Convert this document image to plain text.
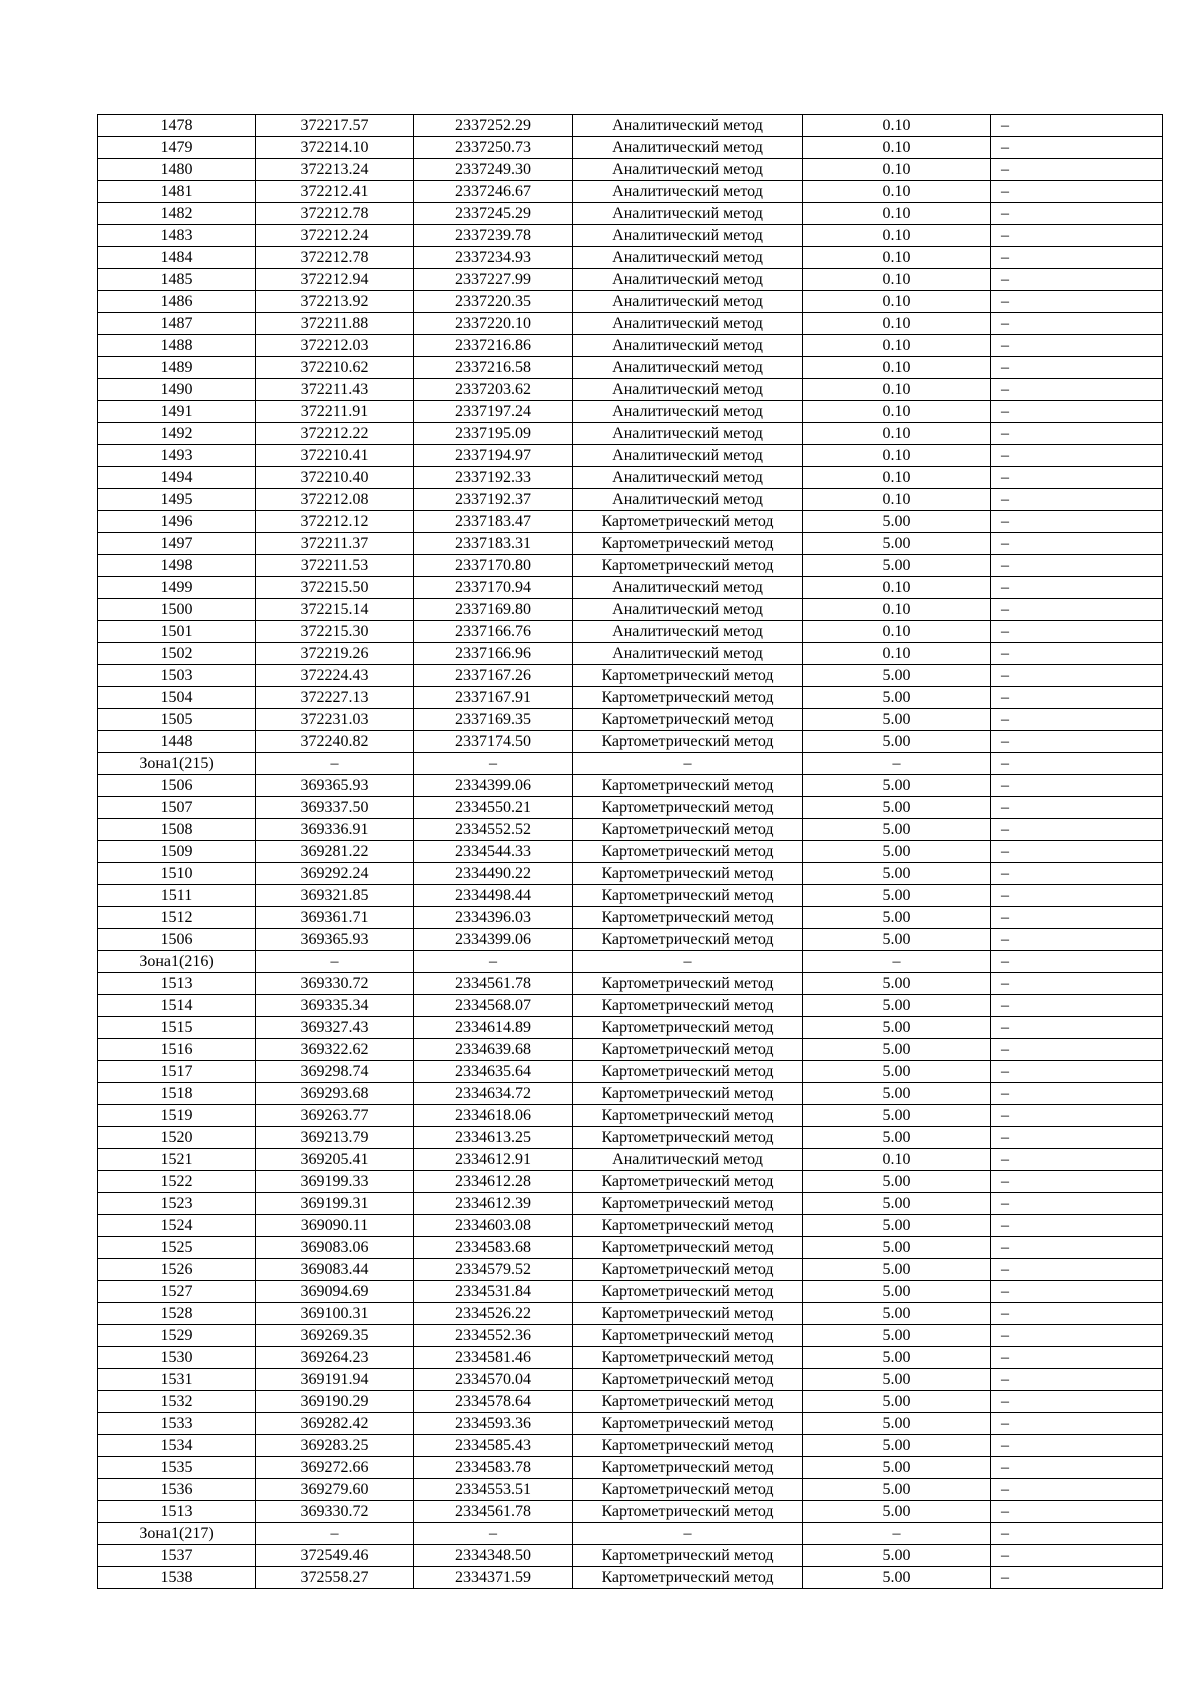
1478	372217.57	2337252.29	Аналитический метод	0.10	–
1479	372214.10	2337250.73	Аналитический метод	0.10	–
1480	372213.24	2337249.30	Аналитический метод	0.10	–
1481	372212.41	2337246.67	Аналитический метод	0.10	–
1482	372212.78	2337245.29	Аналитический метод	0.10	–
1483	372212.24	2337239.78	Аналитический метод	0.10	–
1484	372212.78	2337234.93	Аналитический метод	0.10	–
1485	372212.94	2337227.99	Аналитический метод	0.10	–
1486	372213.92	2337220.35	Аналитический метод	0.10	–
1487	372211.88	2337220.10	Аналитический метод	0.10	–
1488	372212.03	2337216.86	Аналитический метод	0.10	–
1489	372210.62	2337216.58	Аналитический метод	0.10	–
1490	372211.43	2337203.62	Аналитический метод	0.10	–
1491	372211.91	2337197.24	Аналитический метод	0.10	–
1492	372212.22	2337195.09	Аналитический метод	0.10	–
1493	372210.41	2337194.97	Аналитический метод	0.10	–
1494	372210.40	2337192.33	Аналитический метод	0.10	–
1495	372212.08	2337192.37	Аналитический метод	0.10	–
1496	372212.12	2337183.47	Картометрический метод	5.00	–
1497	372211.37	2337183.31	Картометрический метод	5.00	–
1498	372211.53	2337170.80	Картометрический метод	5.00	–
1499	372215.50	2337170.94	Аналитический метод	0.10	–
1500	372215.14	2337169.80	Аналитический метод	0.10	–
1501	372215.30	2337166.76	Аналитический метод	0.10	–
1502	372219.26	2337166.96	Аналитический метод	0.10	–
1503	372224.43	2337167.26	Картометрический метод	5.00	–
1504	372227.13	2337167.91	Картометрический метод	5.00	–
1505	372231.03	2337169.35	Картометрический метод	5.00	–
1448	372240.82	2337174.50	Картометрический метод	5.00	–
Зона1(215)	–	–	–	–	–
1506	369365.93	2334399.06	Картометрический метод	5.00	–
1507	369337.50	2334550.21	Картометрический метод	5.00	–
1508	369336.91	2334552.52	Картометрический метод	5.00	–
1509	369281.22	2334544.33	Картометрический метод	5.00	–
1510	369292.24	2334490.22	Картометрический метод	5.00	–
1511	369321.85	2334498.44	Картометрический метод	5.00	–
1512	369361.71	2334396.03	Картометрический метод	5.00	–
1506	369365.93	2334399.06	Картометрический метод	5.00	–
Зона1(216)	–	–	–	–	–
1513	369330.72	2334561.78	Картометрический метод	5.00	–
1514	369335.34	2334568.07	Картометрический метод	5.00	–
1515	369327.43	2334614.89	Картометрический метод	5.00	–
1516	369322.62	2334639.68	Картометрический метод	5.00	–
1517	369298.74	2334635.64	Картометрический метод	5.00	–
1518	369293.68	2334634.72	Картометрический метод	5.00	–
1519	369263.77	2334618.06	Картометрический метод	5.00	–
1520	369213.79	2334613.25	Картометрический метод	5.00	–
1521	369205.41	2334612.91	Аналитический метод	0.10	–
1522	369199.33	2334612.28	Картометрический метод	5.00	–
1523	369199.31	2334612.39	Картометрический метод	5.00	–
1524	369090.11	2334603.08	Картометрический метод	5.00	–
1525	369083.06	2334583.68	Картометрический метод	5.00	–
1526	369083.44	2334579.52	Картометрический метод	5.00	–
1527	369094.69	2334531.84	Картометрический метод	5.00	–
1528	369100.31	2334526.22	Картометрический метод	5.00	–
1529	369269.35	2334552.36	Картометрический метод	5.00	–
1530	369264.23	2334581.46	Картометрический метод	5.00	–
1531	369191.94	2334570.04	Картометрический метод	5.00	–
1532	369190.29	2334578.64	Картометрический метод	5.00	–
1533	369282.42	2334593.36	Картометрический метод	5.00	–
1534	369283.25	2334585.43	Картометрический метод	5.00	–
1535	369272.66	2334583.78	Картометрический метод	5.00	–
1536	369279.60	2334553.51	Картометрический метод	5.00	–
1513	369330.72	2334561.78	Картометрический метод	5.00	–
Зона1(217)	–	–	–	–	–
1537	372549.46	2334348.50	Картометрический метод	5.00	–
1538	372558.27	2334371.59	Картометрический метод	5.00	–
